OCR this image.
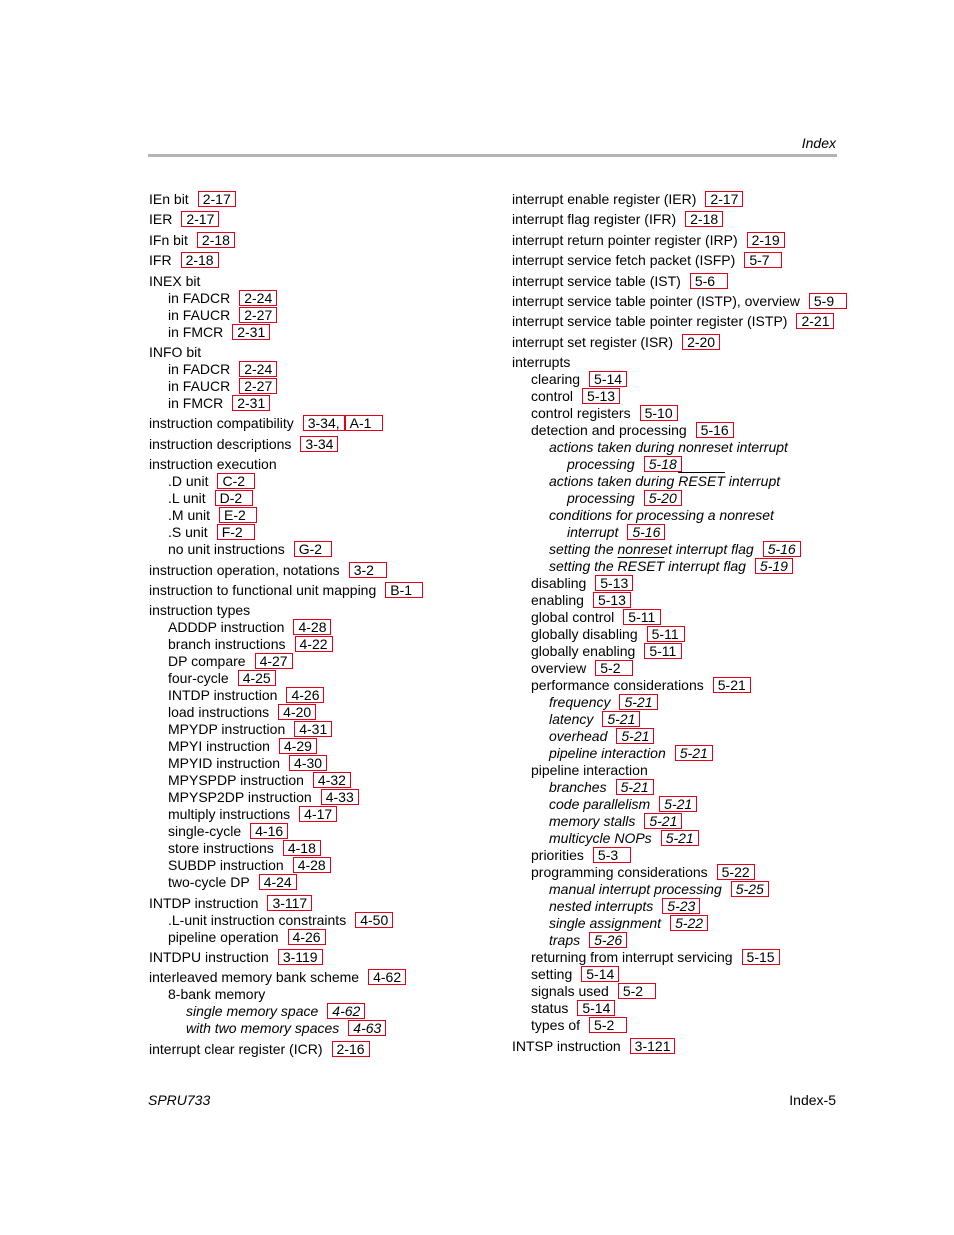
Index
IEn bit 2-17
IER 2-17
IFn bit 2-18
IFR 2-18
INEX bit
in FADCR 2-24
in FAUCR 2-27
in FMCR 2-31
INFO bit
in FADCR 2-24
in FAUCR 2-27
in FMCR 2-31
instruction compatibility 3-34, A-1
instruction descriptions 3-34
instruction execution
.D unit C-2
.L unit D-2
.M unit E-2
.S unit F-2
no unit instructions G-2
instruction operation, notations 3-2
instruction to functional unit mapping B-1
instruction types
ADDDP instruction 4-28
branch instructions 4-22
DP compare 4-27
four-cycle 4-25
INTDP instruction 4-26
load instructions 4-20
MPYDP instruction 4-31
MPYI instruction 4-29
MPYID instruction 4-30
MPYSPDP instruction 4-32
MPYSP2DP instruction 4-33
multiply instructions 4-17
single-cycle 4-16
store instructions 4-18
SUBDP instruction 4-28
two-cycle DP 4-24
INTDP instruction 3-117
.L-unit instruction constraints 4-50
pipeline operation 4-26
INTDPU instruction 3-119
interleaved memory bank scheme 4-62
8-bank memory
single memory space 4-62
with two memory spaces 4-63
interrupt clear register (ICR) 2-16
interrupt enable register (IER) 2-17
interrupt flag register (IFR) 2-18
interrupt return pointer register (IRP) 2-19
interrupt service fetch packet (ISFP) 5-7
interrupt service table (IST) 5-6
interrupt service table pointer (ISTP), overview 5-9
interrupt service table pointer register (ISTP) 2-21
interrupt set register (ISR) 2-20
interrupts
clearing 5-14
control 5-13
control registers 5-10
detection and processing 5-16
actions taken during nonreset interrupt
processing 5-18
actions taken during RESET interrupt
processing 5-20
conditions for processing a nonreset
interrupt 5-16
setting the nonreset interrupt flag 5-16
setting the RESET interrupt flag 5-19
disabling 5-13
enabling 5-13
global control 5-11
globally disabling 5-11
globally enabling 5-11
overview 5-2
performance considerations 5-21
frequency 5-21
latency 5-21
overhead 5-21
pipeline interaction 5-21
pipeline interaction
branches 5-21
code parallelism 5-21
memory stalls 5-21
multicycle NOPs 5-21
priorities 5-3
programming considerations 5-22
manual interrupt processing 5-25
nested interrupts 5-23
single assignment 5-22
traps 5-26
returning from interrupt servicing 5-15
setting 5-14
signals used 5-2
status 5-14
types of 5-2
INTSP instruction 3-121
SPRU733	Index-5
